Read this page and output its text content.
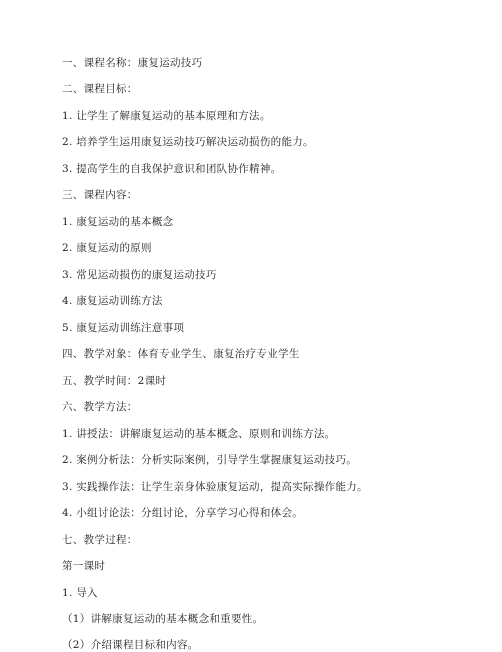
一、课程名称：康复运动技巧
二、课程目标：
1. 让学生了解康复运动的基本原理和方法。
2. 培养学生运用康复运动技巧解决运动损伤的能力。
3. 提高学生的自我保护意识和团队协作精神。
三、课程内容：
1. 康复运动的基本概念
2. 康复运动的原则
3. 常见运动损伤的康复运动技巧
4. 康复运动训练方法
5. 康复运动训练注意事项
四、教学对象：体育专业学生、康复治疗专业学生
五、教学时间：2课时
六、教学方法：
1. 讲授法：讲解康复运动的基本概念、原则和训练方法。
2. 案例分析法：分析实际案例，引导学生掌握康复运动技巧。
3. 实践操作法：让学生亲身体验康复运动，提高实际操作能力。
4. 小组讨论法：分组讨论，分享学习心得和体会。
七、教学过程：
第一课时
1. 导入
（1）讲解康复运动的基本概念和重要性。
（2）介绍课程目标和内容。
